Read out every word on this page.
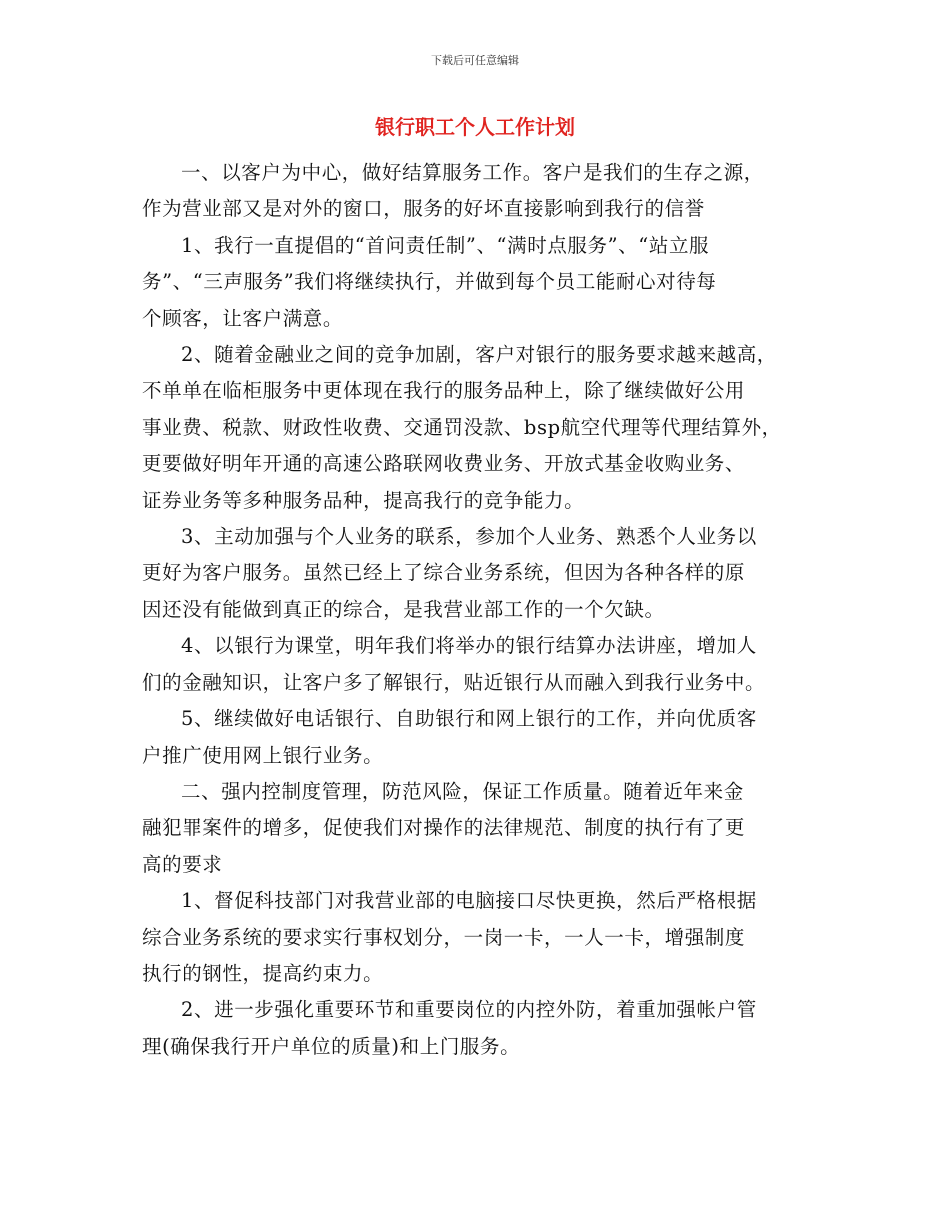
下载后可任意编辑
银行职工个人工作计划

一、以客户为中心，做好结算服务工作。客户是我们的生存之源，
作为营业部又是对外的窗口，服务的好坏直接影响到我行的信誉

1、我行一直提倡的“首问责任制”、“满时点服务”、“站立服
务”、“三声服务”我们将继续执行，并做到每个员工能耐心对待每
个顾客，让客户满意。

2、随着金融业之间的竞争加剧，客户对银行的服务要求越来越高，
不单单在临柜服务中更体现在我行的服务品种上，除了继续做好公用
事业费、税款、财政性收费、交通罚没款、bsp航空代理等代理结算外，
更要做好明年开通的高速公路联网收费业务、开放式基金收购业务、
证券业务等多种服务品种，提高我行的竞争能力。

3、主动加强与个人业务的联系，参加个人业务、熟悉个人业务以
更好为客户服务。虽然已经上了综合业务系统，但因为各种各样的原
因还没有能做到真正的综合，是我营业部工作的一个欠缺。

4、以银行为课堂，明年我们将举办的银行结算办法讲座，增加人
们的金融知识，让客户多了解银行，贴近银行从而融入到我行业务中。

5、继续做好电话银行、自助银行和网上银行的工作，并向优质客
户推广使用网上银行业务。

二、强内控制度管理，防范风险，保证工作质量。随着近年来金
融犯罪案件的增多，促使我们对操作的法律规范、制度的执行有了更
高的要求

1、督促科技部门对我营业部的电脑接口尽快更换，然后严格根据
综合业务系统的要求实行事权划分，一岗一卡，一人一卡，增强制度
执行的钢性，提高约束力。

2、进一步强化重要环节和重要岗位的内控外防，着重加强帐户管
理(确保我行开户单位的质量)和上门服务。
